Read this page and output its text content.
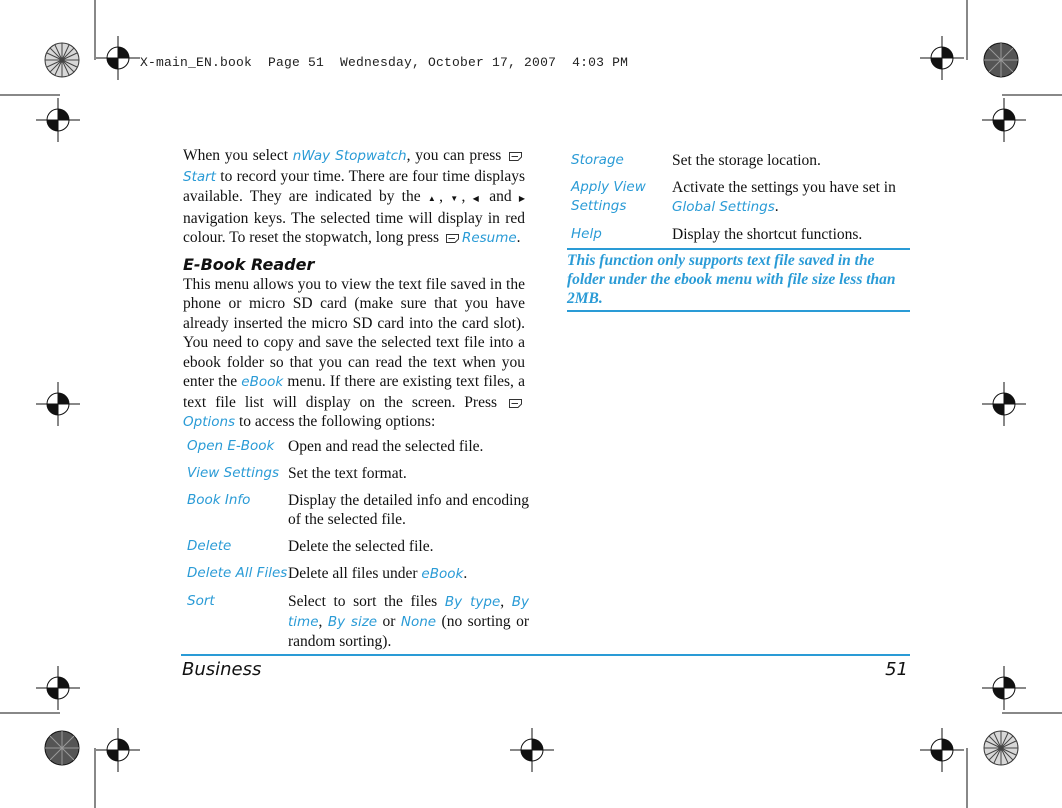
X-main_EN.book  Page 51  Wednesday, October 17, 2007  4:03 PM

When you select nWay Stopwatch, you can press Start to record your time. There are four time displays available. They are indicated by the ▲, ▼, ◀ and ▶ navigation keys. The selected time will display in red colour. To reset the stopwatch, long press Resume.

E-Book Reader

This menu allows you to view the text file saved in the phone or micro SD card (make sure that you have already inserted the micro SD card into the card slot). You need to copy and save the selected text file into a ebook folder so that you can read the text when you enter the eBook menu. If there are existing text files, a text file list will display on the screen. Press Options to access the following options:

Open E-Book	Open and read the selected file.
View Settings	Set the text format.
Book Info	Display the detailed info and encoding of the selected file.
Delete	Delete the selected file.
Delete All Files	Delete all files under eBook.
Sort	Select to sort the files By type, By time, By size or None (no sorting or random sorting).
Storage	Set the storage location.
Apply View Settings	Activate the settings you have set in Global Settings.
Help	Display the shortcut functions.
This function only supports text file saved in the folder under the ebook menu with file size less than 2MB.
Business	51
